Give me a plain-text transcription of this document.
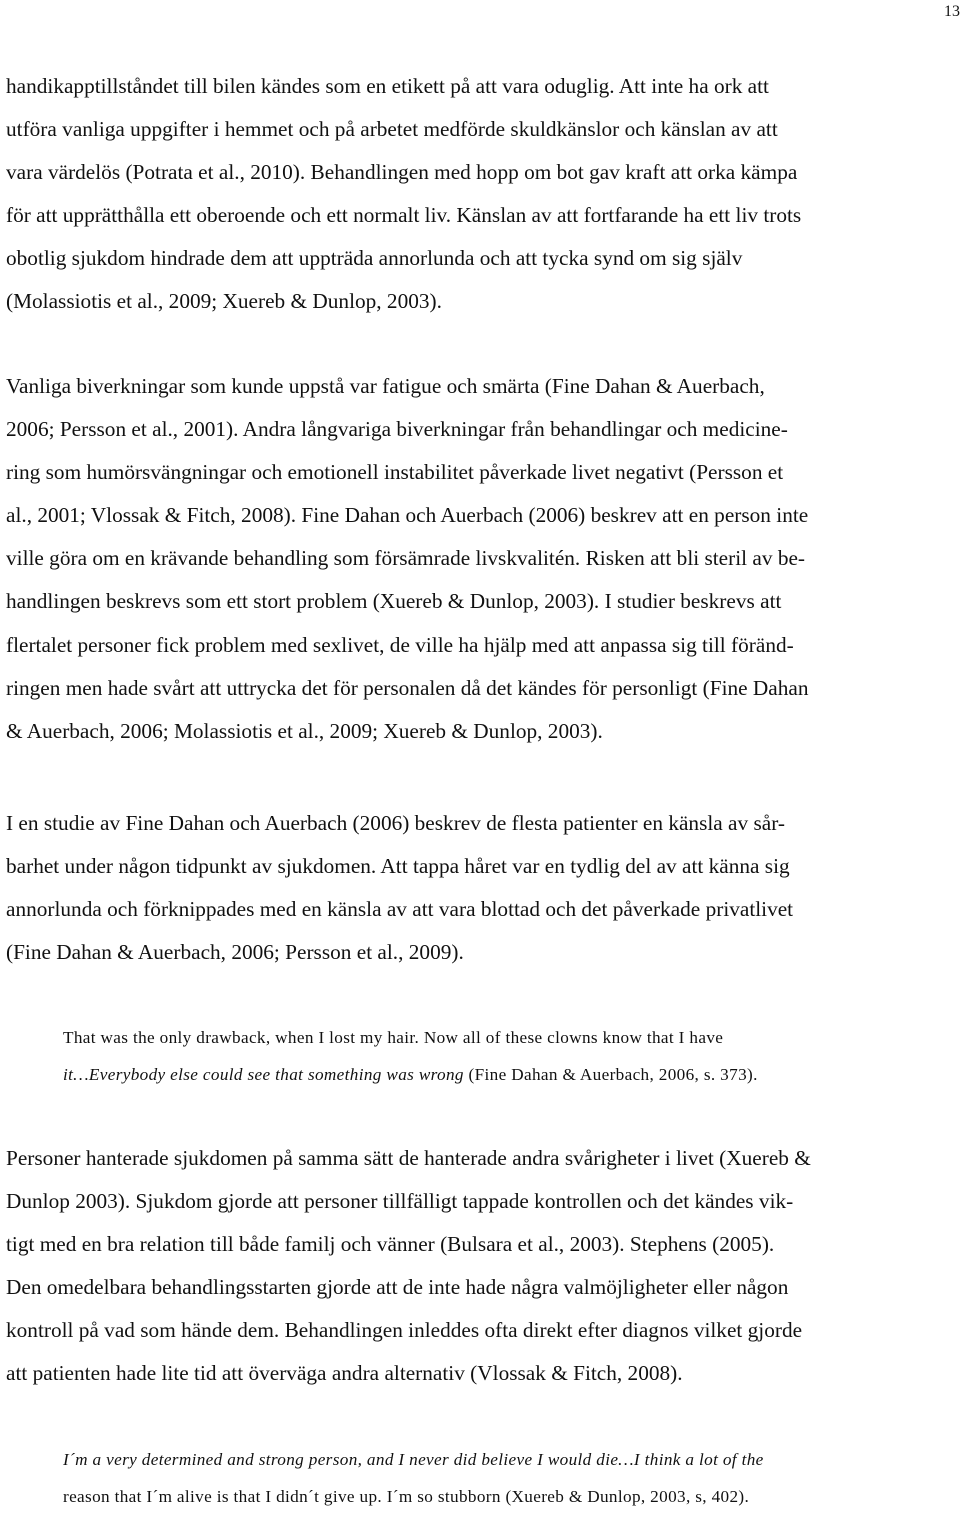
13

handikapptillståndet till bilen kändes som en etikett på att vara oduglig. Att inte ha ork att
utföra vanliga uppgifter i hemmet och på arbetet medförde skuldkänslor och känslan av att
vara värdelös (Potrata et al., 2010). Behandlingen med hopp om bot gav kraft att orka kämpa
för att upprätthålla ett oberoende och ett normalt liv. Känslan av att fortfarande ha ett liv trots
obotlig sjukdom hindrade dem att uppträda annorlunda och att tycka synd om sig själv
(Molassiotis et al., 2009; Xuereb & Dunlop, 2003).

Vanliga biverkningar som kunde uppstå var fatigue och smärta (Fine Dahan & Auerbach,
2006; Persson et al., 2001). Andra långvariga biverkningar från behandlingar och medicine-
ring som humörsvängningar och emotionell instabilitet påverkade livet negativt (Persson et
al., 2001; Vlossak & Fitch, 2008). Fine Dahan och Auerbach (2006) beskrev att en person inte
ville göra om en krävande behandling som försämrade livskvalitén. Risken att bli steril av be-
handlingen beskrevs som ett stort problem (Xuereb & Dunlop, 2003). I studier beskrevs att
flertalet personer fick problem med sexlivet, de ville ha hjälp med att anpassa sig till föränd-
ringen men hade svårt att uttrycka det för personalen då det kändes för personligt (Fine Dahan
& Auerbach, 2006; Molassiotis et al., 2009; Xuereb & Dunlop, 2003).

I en studie av Fine Dahan och Auerbach (2006) beskrev de flesta patienter en känsla av sår-
barhet under någon tidpunkt av sjukdomen. Att tappa håret var en tydlig del av att känna sig
annorlunda och förknippades med en känsla av att vara blottad och det påverkade privatlivet
(Fine Dahan & Auerbach, 2006; Persson et al., 2009).

That was the only drawback, when I lost my hair. Now all of these clowns know that I have
it…Everybody else could see that something was wrong (Fine Dahan & Auerbach, 2006, s. 373).

Personer hanterade sjukdomen på samma sätt de hanterade andra svårigheter i livet (Xuereb &
Dunlop 2003). Sjukdom gjorde att personer tillfälligt tappade kontrollen och det kändes vik-
tigt med en bra relation till både familj och vänner (Bulsara et al., 2003). Stephens (2005).
Den omedelbara behandlingsstarten gjorde att de inte hade några valmöjligheter eller någon
kontroll på vad som hände dem. Behandlingen inleddes ofta direkt efter diagnos vilket gjorde
att patienten hade lite tid att överväga andra alternativ (Vlossak & Fitch, 2008).

I´m a very determined and strong person, and I never did believe I would die…I think a lot of the
reason that I´m alive is that I didn´t give up. I´m so stubborn (Xuereb & Dunlop, 2003, s, 402).
